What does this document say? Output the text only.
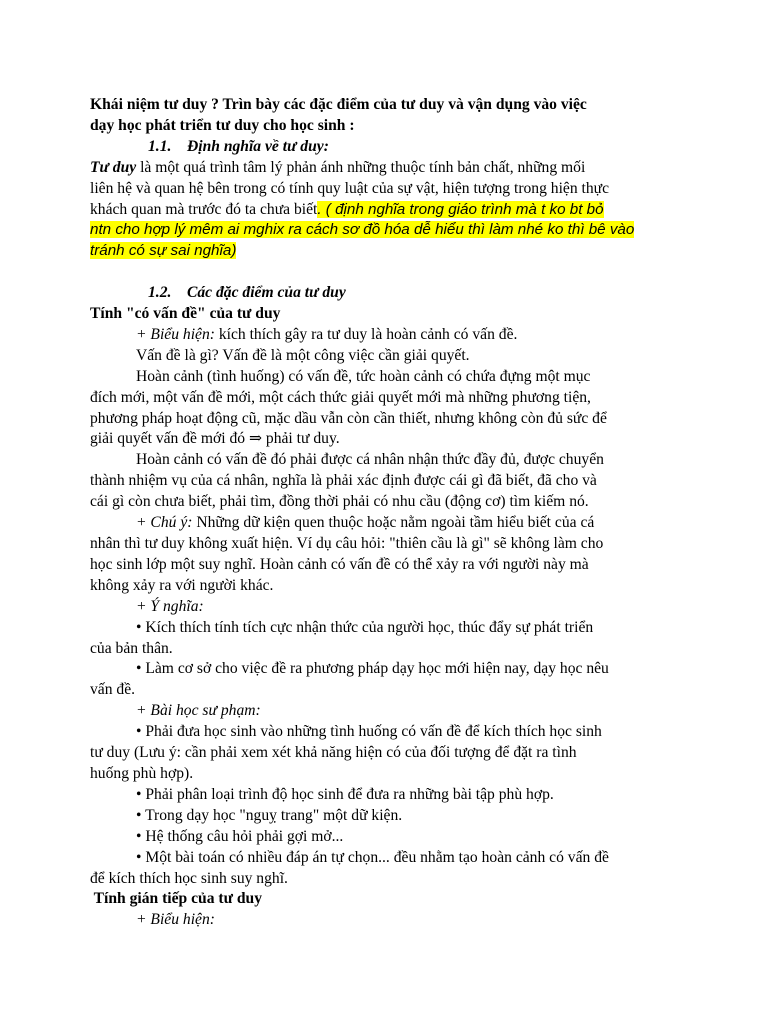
Khái niệm tư duy ? Trìn bày các đặc điểm của tư duy và vận dụng vào việc
dạy học phát triển tư duy cho học sinh :
1.1. Định nghĩa về tư duy:
Tư duy là một quá trình tâm lý phản ánh những thuộc tính bản chất, những mối
liên hệ và quan hệ bên trong có tính quy luật của sự vật, hiện tượng trong hiện thực
khách quan mà trước đó ta chưa biết. ( định nghĩa trong giáo trình mà t ko bt bỏ
ntn cho hợp lý mêm ai mghix ra cách sơ đồ hóa dễ hiểu thì làm nhé ko thì bê vào
tránh có sự sai nghĩa)
1.2. Các đặc điểm của tư duy
Tính "có vấn đề" của tư duy
+ Biểu hiện: kích thích gây ra tư duy là hoàn cảnh có vấn đề.
Vấn đề là gì? Vấn đề là một công việc cần giải quyết.
Hoàn cảnh (tình huống) có vấn đề, tức hoàn cảnh có chứa đựng một mục
đích mới, một vấn đề mới, một cách thức giải quyết mới mà những phương tiện,
phương pháp hoạt động cũ, mặc dầu vẫn còn cần thiết, nhưng không còn đủ sức để
giải quyết vấn đề mới đó ⇒ phải tư duy.
Hoàn cảnh có vấn đề đó phải được cá nhân nhận thức đầy đủ, được chuyển
thành nhiệm vụ của cá nhân, nghĩa là phải xác định được cái gì đã biết, đã cho và
cái gì còn chưa biết, phải tìm, đồng thời phải có nhu cầu (động cơ) tìm kiếm nó.
+ Chú ý: Những dữ kiện quen thuộc hoặc nằm ngoài tầm hiểu biết của cá
nhân thì tư duy không xuất hiện. Ví dụ câu hỏi: "thiên cầu là gì" sẽ không làm cho
học sinh lớp một suy nghĩ. Hoàn cảnh có vấn đề có thể xảy ra với người này mà
không xảy ra với người khác.
+ Ý nghĩa:
• Kích thích tính tích cực nhận thức của người học, thúc đẩy sự phát triển
của bản thân.
• Làm cơ sở cho việc đề ra phương pháp dạy học mới hiện nay, dạy học nêu
vấn đề.
+ Bài học sư phạm:
• Phải đưa học sinh vào những tình huống có vấn đề để kích thích học sinh
tư duy (Lưu ý: cần phải xem xét khả năng hiện có của đối tượng để đặt ra tình
huống phù hợp).
• Phải phân loại trình độ học sinh để đưa ra những bài tập phù hợp.
• Trong dạy học "nguỵ trang" một dữ kiện.
• Hệ thống câu hỏi phải gợi mở...
• Một bài toán có nhiều đáp án tự chọn... đều nhằm tạo hoàn cảnh có vấn đề
để kích thích học sinh suy nghĩ.
Tính gián tiếp của tư duy
+ Biểu hiện:
